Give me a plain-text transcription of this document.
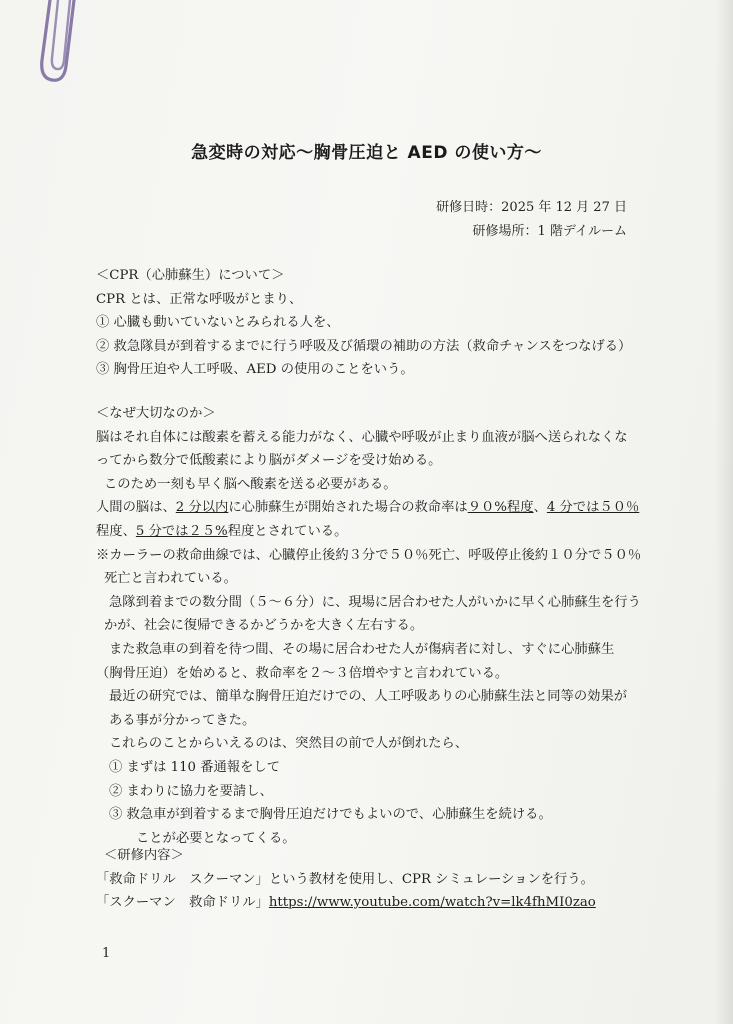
急変時の対応～胸骨圧迫と AED の使い方～
研修日時：2025 年 12 月 27 日
研修場所：1 階デイルーム
＜CPR（心肺蘇生）について＞
CPR とは、正常な呼吸がとまり、
① 心臓も動いていないとみられる人を、
② 救急隊員が到着するまでに行う呼吸及び循環の補助の方法（救命チャンスをつなげる）
③ 胸骨圧迫や人工呼吸、AED の使用のことをいう。
＜なぜ大切なのか＞
脳はそれ自体には酸素を蓄える能力がなく、心臓や呼吸が止まり血液が脳へ送られなくな
ってから数分で低酸素により脳がダメージを受け始める。
このため一刻も早く脳へ酸素を送る必要がある。
人間の脳は、2 分以内に心肺蘇生が開始された場合の救命率は９０%程度、4 分では５０％
程度、5 分では２５%程度とされている。
※カーラーの救命曲線では、心臓停止後約３分で５０％死亡、呼吸停止後約１０分で５０％
死亡と言われている。
急隊到着までの数分間（５～６分）に、現場に居合わせた人がいかに早く心肺蘇生を行う
かが、社会に復帰できるかどうかを大きく左右する。
また救急車の到着を待つ間、その場に居合わせた人が傷病者に対し、すぐに心肺蘇生
（胸骨圧迫）を始めると、救命率を２～３倍増やすと言われている。
最近の研究では、簡単な胸骨圧迫だけでの、人工呼吸ありの心肺蘇生法と同等の効果が
ある事が分かってきた。
これらのことからいえるのは、突然目の前で人が倒れたら、
① まずは 110 番通報をして
② まわりに協力を要請し、
③ 救急車が到着するまで胸骨圧迫だけでもよいので、心肺蘇生を続ける。
ことが必要となってくる。
＜研修内容＞
「救命ドリル　スクーマン」という教材を使用し、CPR シミュレーションを行う。
「スクーマン　救命ドリル」https://www.youtube.com/watch?v=lk4fhMI0zao
1
